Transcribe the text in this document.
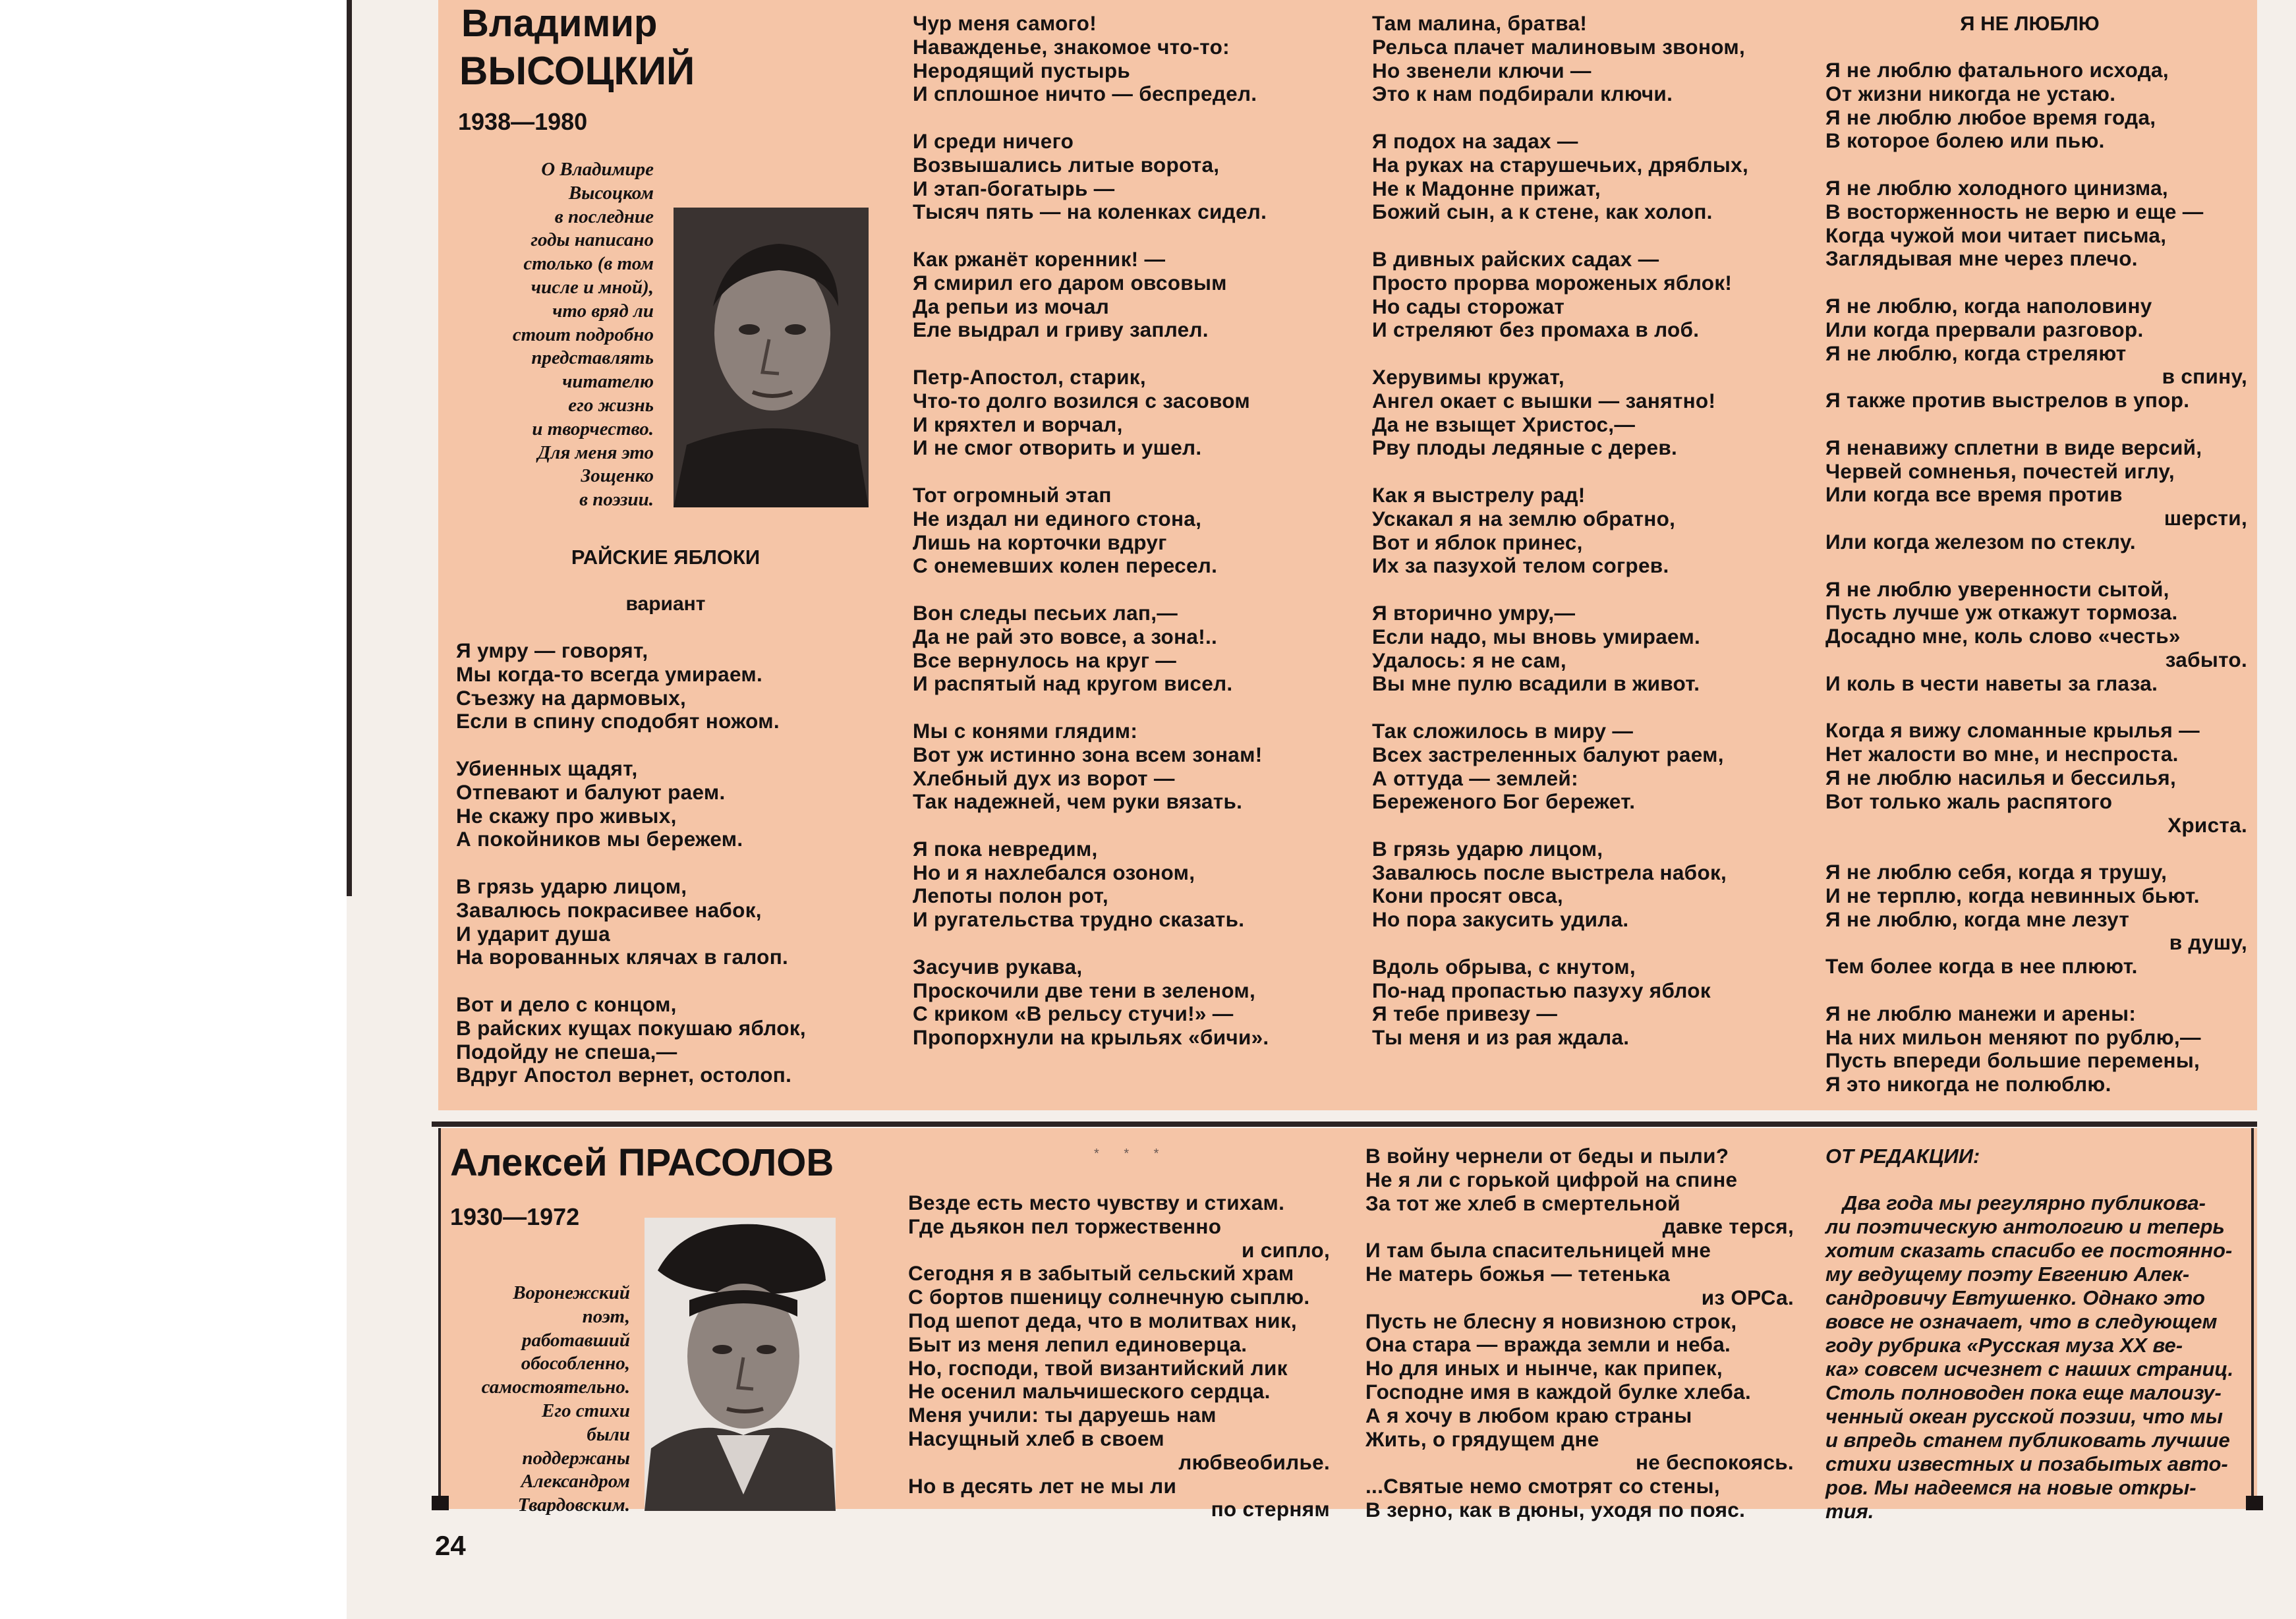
Владимир
ВЫСОЦКИЙ
1938—1980
О Владимире
Высоцком
в последние
годы написано
столько (в том
числе и мной),
что вряд ли
стоит подробно
представлять
читателю
его жизнь
и творчество.
Для меня это
Зощенко
в поэзии.
РАЙСКИЕ ЯБЛОКИ
вариант
Я умру — говорят,
Мы когда-то всегда умираем.
Съезжу на дармовых,
Если в спину сподобят ножом.
Убиенных щадят,
Отпевают и балуют раем.
Не скажу про живых,
А покойников мы бережем.
В грязь ударю лицом,
Завалюсь покрасивее набок,
И ударит душа
На ворованных клячах в галоп.
Вот и дело с концом,
В райских кущах покушаю яблок,
Подойду не спеша,—
Вдруг Апостол вернет, остолоп.
Чур меня самого!
Наважденье, знакомое что-то:
Неродящий пустырь
И сплошное ничто — беспредел.
И среди ничего
Возвышались литые ворота,
И этап-богатырь —
Тысяч пять — на коленках сидел.
Как ржанёт коренник! —
Я смирил его даром овсовым
Да репьи из мочал
Еле выдрал и гриву заплел.
Петр-Апостол, старик,
Что-то долго возился с засовом
И кряхтел и ворчал,
И не смог отворить и ушел.
Тот огромный этап
Не издал ни единого стона,
Лишь на корточки вдруг
С онемевших колен пересел.
Вон следы песьих лап,—
Да не рай это вовсе, а зона!..
Все вернулось на круг —
И распятый над кругом висел.
Мы с конями глядим:
Вот уж истинно зона всем зонам!
Хлебный дух из ворот —
Так надежней, чем руки вязать.
Я пока невредим,
Но и я нахлебался озоном,
Лепоты полон рот,
И ругательства трудно сказать.
Засучив рукава,
Проскочили две тени в зеленом,
С криком «В рельсу стучи!» —
Пропорхнули на крыльях «бичи».
Там малина, братва!
Рельса плачет малиновым звоном,
Но звенели ключи —
Это к нам подбирали ключи.
Я подох на задах —
На руках на старушечьих, дряблых,
Не к Мадонне прижат,
Божий сын, а к стене, как холоп.
В дивных райских садах —
Просто прорва мороженых яблок!
Но сады сторожат
И стреляют без промаха в лоб.
Херувимы кружат,
Ангел окает с вышки — занятно!
Да не взыщет Христос,—
Рву плоды ледяные с дерев.
Как я выстрелу рад!
Ускакал я на землю обратно,
Вот и яблок принес,
Их за пазухой телом согрев.
Я вторично умру,—
Если надо, мы вновь умираем.
Удалось: я не сам,
Вы мне пулю всадили в живот.
Так сложилось в миру —
Всех застреленных балуют раем,
А оттуда — землей:
Береженого Бог бережет.
В грязь ударю лицом,
Завалюсь после выстрела набок,
Кони просят овса,
Но пора закусить удила.
Вдоль обрыва, с кнутом,
По-над пропастью пазуху яблок
Я тебе привезу —
Ты меня и из рая ждала.
Я НЕ ЛЮБЛЮ
Я не люблю фатального исхода,
От жизни никогда не устаю.
Я не люблю любое время года,
В которое болею или пью.
Я не люблю холодного цинизма,
В восторженность не верю и еще —
Когда чужой мои читает письма,
Заглядывая мне через плечо.
Я не люблю, когда наполовину
Или когда прервали разговор.
Я не люблю, когда стреляют
в спину,
Я также против выстрелов в упор.
Я ненавижу сплетни в виде версий,
Червей сомненья, почестей иглу,
Или когда все время против
шерсти,
Или когда железом по стеклу.
Я не люблю уверенности сытой,
Пусть лучше уж откажут тормоза.
Досадно мне, коль слово «честь»
забыто.
И коль в чести наветы за глаза.
Когда я вижу сломанные крылья —
Нет жалости во мне, и неспроста.
Я не люблю насилья и бессилья,
Вот только жаль распятого
Христа.
Я не люблю себя, когда я трушу,
И не терплю, когда невинных бьют.
Я не люблю, когда мне лезут
в душу,
Тем более когда в нее плюют.
Я не люблю манежи и арены:
На них мильон меняют по рублю,—
Пусть впереди большие перемены,
Я это никогда не полюблю.
Алексей ПРАСОЛОВ
1930—1972
Воронежский
поэт,
работавший
обособленно,
самостоятельно.
Его стихи
были
поддержаны
Александром
Твардовским.
* * *
Везде есть место чувству и стихам.
Где дьякон пел торжественно
и сипло,
Сегодня я в забытый сельский храм
С бортов пшеницу солнечную сыплю.
Под шепот деда, что в молитвах ник,
Быт из меня лепил единоверца.
Но, господи, твой византийский лик
Не осенил мальчишеского сердца.
Меня учили: ты даруешь нам
Насущный хлеб в своем
любвеобилье.
Но в десять лет не мы ли
по стерням
В войну чернели от беды и пыли?
Не я ли с горькой цифрой на спине
За тот же хлеб в смертельной
давке терся,
И там была спасительницей мне
Не матерь божья — тетенька
из ОРСа.
Пусть не блесну я новизною строк,
Она стара — вражда земли и неба.
Но для иных и нынче, как припек,
Господне имя в каждой булке хлеба.
А я хочу в любом краю страны
Жить, о грядущем дне
не беспокоясь.
...Святые немо смотрят со стены,
В зерно, как в дюны, уходя по пояс.
ОТ РЕДАКЦИИ:
Два года мы регулярно публикова-
ли поэтическую антологию и теперь
хотим сказать спасибо ее постоянно-
му ведущему поэту Евгению Алек-
сандровичу Евтушенко. Однако это
вовсе не означает, что в следующем
году рубрика «Русская муза XX ве-
ка» совсем исчезнет с наших страниц.
Столь полноводен пока еще малоизу-
ченный океан русской поэзии, что мы
и впредь станем публиковать лучшие
стихи известных и позабытых авто-
ров. Мы надеемся на новые откры-
тия.
24
